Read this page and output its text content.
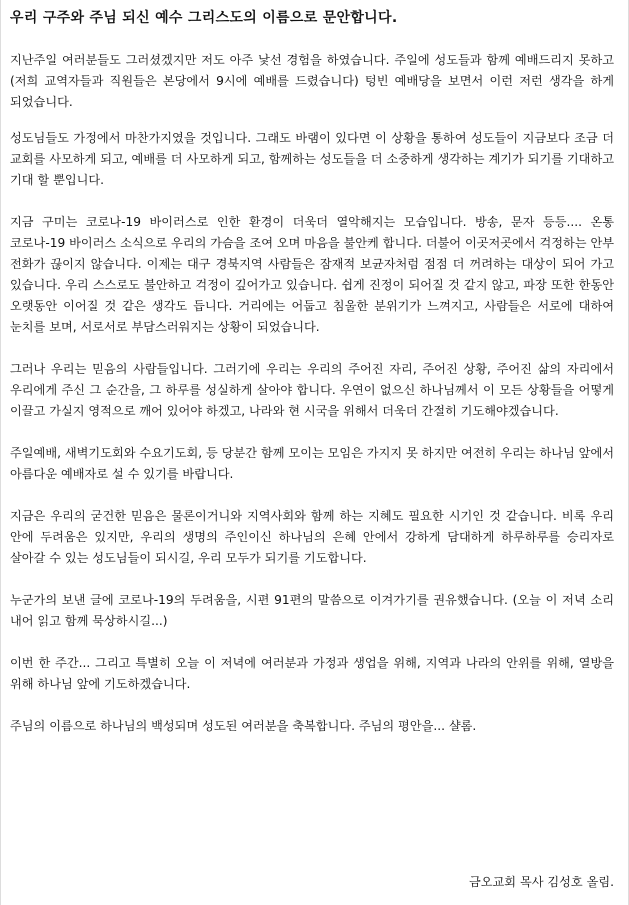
우리 구주와 주님 되신 예수 그리스도의 이름으로 문안합니다.
지난주일 여러분들도 그러셨겠지만 저도 아주 낯선 경험을 하였습니다. 주일에 성도들과 함께 예배드리지 못하고(저희 교역자들과 직원들은 본당에서 9시에 예배를 드렸습니다) 텅빈 예배당을 보면서 이런 저런 생각을 하게 되었습니다.
성도님들도 가정에서 마찬가지였을 것입니다. 그래도 바램이 있다면 이 상황을 통하여 성도들이 지금보다 조금 더 교회를 사모하게 되고, 예배를 더 사모하게 되고, 함께하는 성도들을 더 소중하게 생각하는 계기가 되기를 기대하고 기대 할 뿐입니다.
지금 구미는 코로나-19 바이러스로 인한 환경이 더욱더 열악해지는 모습입니다. 방송, 문자 등등.... 온통 코로나-19 바이러스 소식으로 우리의 가슴을 조여 오며 마음을 불안케 합니다. 더불어 이곳저곳에서 걱정하는 안부 전화가 끊이지 않습니다. 이제는 대구 경북지역 사람들은 잠재적 보균자처럼 점점 더 꺼려하는 대상이 되어 가고 있습니다. 우리 스스로도 불안하고 걱정이 깊어가고 있습니다. 쉽게 진정이 되어질 것 같지 않고, 파장 또한 한동안 오랫동안 이어질 것 같은 생각도 듭니다. 거리에는 어둡고 침울한 분위기가 느껴지고, 사람들은 서로에 대하여 눈치를 보며, 서로서로 부담스러워지는 상황이 되었습니다.
그러나 우리는 믿음의 사람들입니다. 그러기에 우리는 우리의 주어진 자리, 주어진 상황, 주어진 삶의 자리에서 우리에게 주신 그 순간을, 그 하루를 성실하게 살아야 합니다. 우연이 없으신 하나님께서 이 모든 상황들을 어떻게 이끌고 가실지 영적으로 깨어 있어야 하겠고, 나라와 현 시국을 위해서 더욱더 간절히 기도해야겠습니다.
주일예배, 새벽기도회와 수요기도회, 등 당분간 함께 모이는 모임은 가지지 못 하지만 여전히 우리는 하나님 앞에서 아름다운 예배자로 설 수 있기를 바랍니다.
지금은 우리의 굳건한 믿음은 물론이거니와 지역사회와 함께 하는 지혜도 필요한 시기인 것 같습니다. 비록 우리 안에 두려움은 있지만, 우리의 생명의 주인이신 하나님의 은혜 안에서 강하게 담대하게 하루하루를 승리자로 살아갈 수 있는 성도님들이 되시길, 우리 모두가 되기를 기도합니다.
누군가의 보낸 글에 코로나-19의 두려움을, 시편 91편의 말씀으로 이겨가기를 권유했습니다. (오늘 이 저녁 소리 내어 읽고 함께 묵상하시길...)
이번 한 주간... 그리고 특별히 오늘 이 저녁에 여러분과 가정과 생업을 위해, 지역과 나라의 안위를 위해, 열방을 위해 하나님 앞에 기도하겠습니다.
주님의 이름으로 하나님의 백성되며 성도된 여러분을 축복합니다. 주님의 평안을... 샬롬.
금오교회 목사 김성호 올림.
